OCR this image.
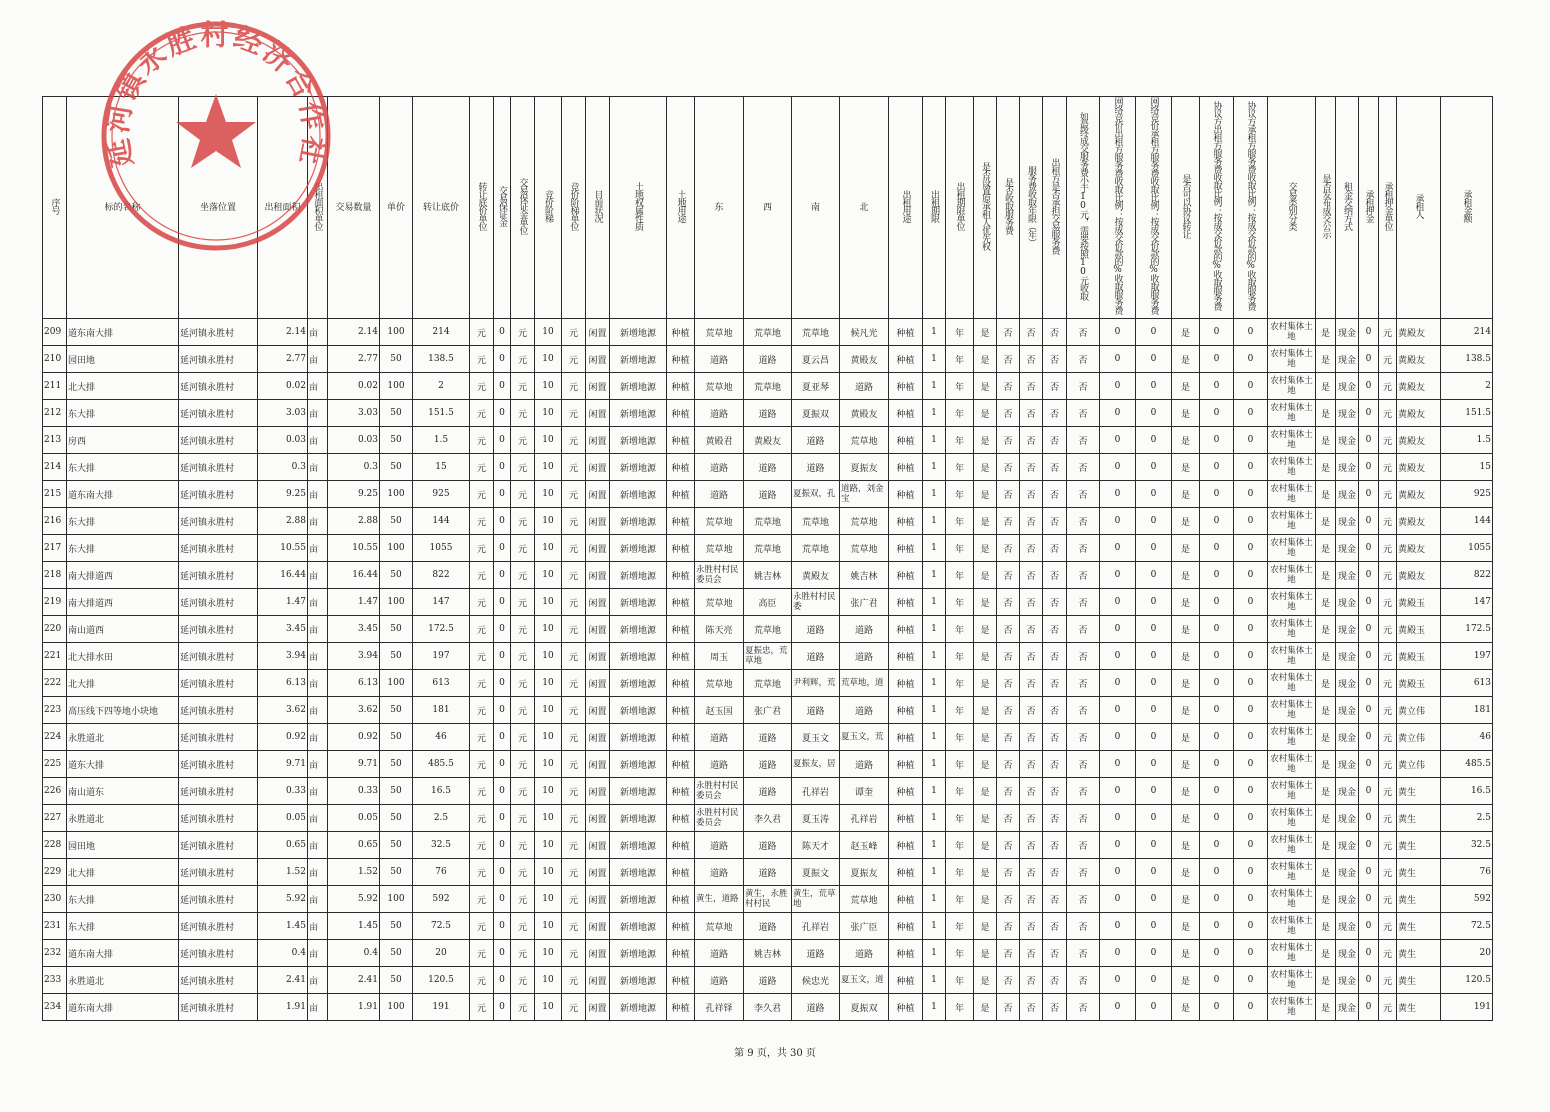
序号	标的名称	坐落位置	出租面积	出租面积单位	交易数量	单价	转让底价	转让底价单位	交易保证金	交易保证金单位	竞价阶梯	竞价阶梯单位	目前状况	土地权属性质	土地用途	东	西	南	北	出租用途	出租期限	出租期限单位	是否设置原承租人优先权	是否收取服务费	服务费收取年限（年）	出租方是否承担交易服务费	如最终成交服务费小于10元，需要按照10元收取	网络竞价出租方服务费收取比例：按成交价款的%收取服务费	网络竞价承租方服务费收取比例：按成交价款的%收取服务费	是否可以协议转让	协议方出租方服务费收取比例：按成交价款的%收取服务费	协议方承租方服务费收取比例：按成交价款的%收取服务费	交易类别分类	是否发布成交公示	租金交纳方式	承租押金	承租押金单位	承租人	承租金额
209	道东南大排	延河镇永胜村	2.14	亩	2.14	100	214	元	0	元	10	元	闲置	新增地源	种植	荒草地	荒草地	荒草地	候凡光	种植	1	年	是	否	否	否	否	0	0	是	0	0	农村集体土地	是	现金	0	元	黄殿友	214
210	园田地	延河镇永胜村	2.77	亩	2.77	50	138.5	元	0	元	10	元	闲置	新增地源	种植	道路	道路	夏云昌	黄殿友	种植	1	年	是	否	否	否	否	0	0	是	0	0	农村集体土地	是	现金	0	元	黄殿友	138.5
211	北大排	延河镇永胜村	0.02	亩	0.02	100	2	元	0	元	10	元	闲置	新增地源	种植	荒草地	荒草地	夏亚琴	道路	种植	1	年	是	否	否	否	否	0	0	是	0	0	农村集体土地	是	现金	0	元	黄殿友	2
212	东大排	延河镇永胜村	3.03	亩	3.03	50	151.5	元	0	元	10	元	闲置	新增地源	种植	道路	道路	夏振双	黄殿友	种植	1	年	是	否	否	否	否	0	0	是	0	0	农村集体土地	是	现金	0	元	黄殿友	151.5
213	房西	延河镇永胜村	0.03	亩	0.03	50	1.5	元	0	元	10	元	闲置	新增地源	种植	黄殿君	黄殿友	道路	荒草地	种植	1	年	是	否	否	否	否	0	0	是	0	0	农村集体土地	是	现金	0	元	黄殿友	1.5
214	东大排	延河镇永胜村	0.3	亩	0.3	50	15	元	0	元	10	元	闲置	新增地源	种植	道路	道路	道路	夏振友	种植	1	年	是	否	否	否	否	0	0	是	0	0	农村集体土地	是	现金	0	元	黄殿友	15
215	道东南大排	延河镇永胜村	9.25	亩	9.25	100	925	元	0	元	10	元	闲置	新增地源	种植	道路	道路	夏振双，孔	道路，刘金宝	种植	1	年	是	否	否	否	否	0	0	是	0	0	农村集体土地	是	现金	0	元	黄殿友	925
216	东大排	延河镇永胜村	2.88	亩	2.88	50	144	元	0	元	10	元	闲置	新增地源	种植	荒草地	荒草地	荒草地	荒草地	种植	1	年	是	否	否	否	否	0	0	是	0	0	农村集体土地	是	现金	0	元	黄殿友	144
217	东大排	延河镇永胜村	10.55	亩	10.55	100	1055	元	0	元	10	元	闲置	新增地源	种植	荒草地	荒草地	荒草地	荒草地	种植	1	年	是	否	否	否	否	0	0	是	0	0	农村集体土地	是	现金	0	元	黄殿友	1055
218	南大排道西	延河镇永胜村	16.44	亩	16.44	50	822	元	0	元	10	元	闲置	新增地源	种植	永胜村村民委员会	姚吉林	黄殿友	姚吉林	种植	1	年	是	否	否	否	否	0	0	是	0	0	农村集体土地	是	现金	0	元	黄殿友	822
219	南大排道西	延河镇永胜村	1.47	亩	1.47	100	147	元	0	元	10	元	闲置	新增地源	种植	荒草地	高臣	永胜村村民委	张广君	种植	1	年	是	否	否	否	否	0	0	是	0	0	农村集体土地	是	现金	0	元	黄殿玉	147
220	南山道西	延河镇永胜村	3.45	亩	3.45	50	172.5	元	0	元	10	元	闲置	新增地源	种植	陈天亮	荒草地	道路	道路	种植	1	年	是	否	否	否	否	0	0	是	0	0	农村集体土地	是	现金	0	元	黄殿玉	172.5
221	北大排水田	延河镇永胜村	3.94	亩	3.94	50	197	元	0	元	10	元	闲置	新增地源	种植	周玉	夏振忠，荒草地	道路	道路	种植	1	年	是	否	否	否	否	0	0	是	0	0	农村集体土地	是	现金	0	元	黄殿玉	197
222	北大排	延河镇永胜村	6.13	亩	6.13	100	613	元	0	元	10	元	闲置	新增地源	种植	荒草地	荒草地	尹利辉，荒	荒草地，道	种植	1	年	是	否	否	否	否	0	0	是	0	0	农村集体土地	是	现金	0	元	黄殿玉	613
223	高压线下四等地小块地	延河镇永胜村	3.62	亩	3.62	50	181	元	0	元	10	元	闲置	新增地源	种植	赵玉国	张广君	道路	道路	种植	1	年	是	否	否	否	否	0	0	是	0	0	农村集体土地	是	现金	0	元	黄立伟	181
224	永胜道北	延河镇永胜村	0.92	亩	0.92	50	46	元	0	元	10	元	闲置	新增地源	种植	道路	道路	夏玉文	夏玉文，荒	种植	1	年	是	否	否	否	否	0	0	是	0	0	农村集体土地	是	现金	0	元	黄立伟	46
225	道东大排	延河镇永胜村	9.71	亩	9.71	50	485.5	元	0	元	10	元	闲置	新增地源	种植	道路	道路	夏振友，居	道路	种植	1	年	是	否	否	否	否	0	0	是	0	0	农村集体土地	是	现金	0	元	黄立伟	485.5
226	南山道东	延河镇永胜村	0.33	亩	0.33	50	16.5	元	0	元	10	元	闲置	新增地源	种植	永胜村村民委员会	道路	孔祥岩	谭奎	种植	1	年	是	否	否	否	否	0	0	是	0	0	农村集体土地	是	现金	0	元	黄生	16.5
227	永胜道北	延河镇永胜村	0.05	亩	0.05	50	2.5	元	0	元	10	元	闲置	新增地源	种植	永胜村村民委员会	李久君	夏玉涛	孔祥岩	种植	1	年	是	否	否	否	否	0	0	是	0	0	农村集体土地	是	现金	0	元	黄生	2.5
228	园田地	延河镇永胜村	0.65	亩	0.65	50	32.5	元	0	元	10	元	闲置	新增地源	种植	道路	道路	陈天才	赵玉峰	种植	1	年	是	否	否	否	否	0	0	是	0	0	农村集体土地	是	现金	0	元	黄生	32.5
229	北大排	延河镇永胜村	1.52	亩	1.52	50	76	元	0	元	10	元	闲置	新增地源	种植	道路	道路	夏振文	夏振友	种植	1	年	是	否	否	否	否	0	0	是	0	0	农村集体土地	是	现金	0	元	黄生	76
230	东大排	延河镇永胜村	5.92	亩	5.92	100	592	元	0	元	10	元	闲置	新增地源	种植	黄生，道路	黄生，永胜村村民	黄生，荒草地	荒草地	种植	1	年	是	否	否	否	否	0	0	是	0	0	农村集体土地	是	现金	0	元	黄生	592
231	东大排	延河镇永胜村	1.45	亩	1.45	50	72.5	元	0	元	10	元	闲置	新增地源	种植	荒草地	道路	孔祥岩	张广臣	种植	1	年	是	否	否	否	否	0	0	是	0	0	农村集体土地	是	现金	0	元	黄生	72.5
232	道东南大排	延河镇永胜村	0.4	亩	0.4	50	20	元	0	元	10	元	闲置	新增地源	种植	道路	姚吉林	道路	道路	种植	1	年	是	否	否	否	否	0	0	是	0	0	农村集体土地	是	现金	0	元	黄生	20
233	永胜道北	延河镇永胜村	2.41	亩	2.41	50	120.5	元	0	元	10	元	闲置	新增地源	种植	道路	道路	候忠光	夏玉文，道	种植	1	年	是	否	否	否	否	0	0	是	0	0	农村集体土地	是	现金	0	元	黄生	120.5
234	道东南大排	延河镇永胜村	1.91	亩	1.91	100	191	元	0	元	10	元	闲置	新增地源	种植	孔祥铎	李久君	道路	夏振双	种植	1	年	是	否	否	否	否	0	0	是	0	0	农村集体土地	是	现金	0	元	黄生	191
延河镇永胜村经济合作社
第 9 页，共 30 页
